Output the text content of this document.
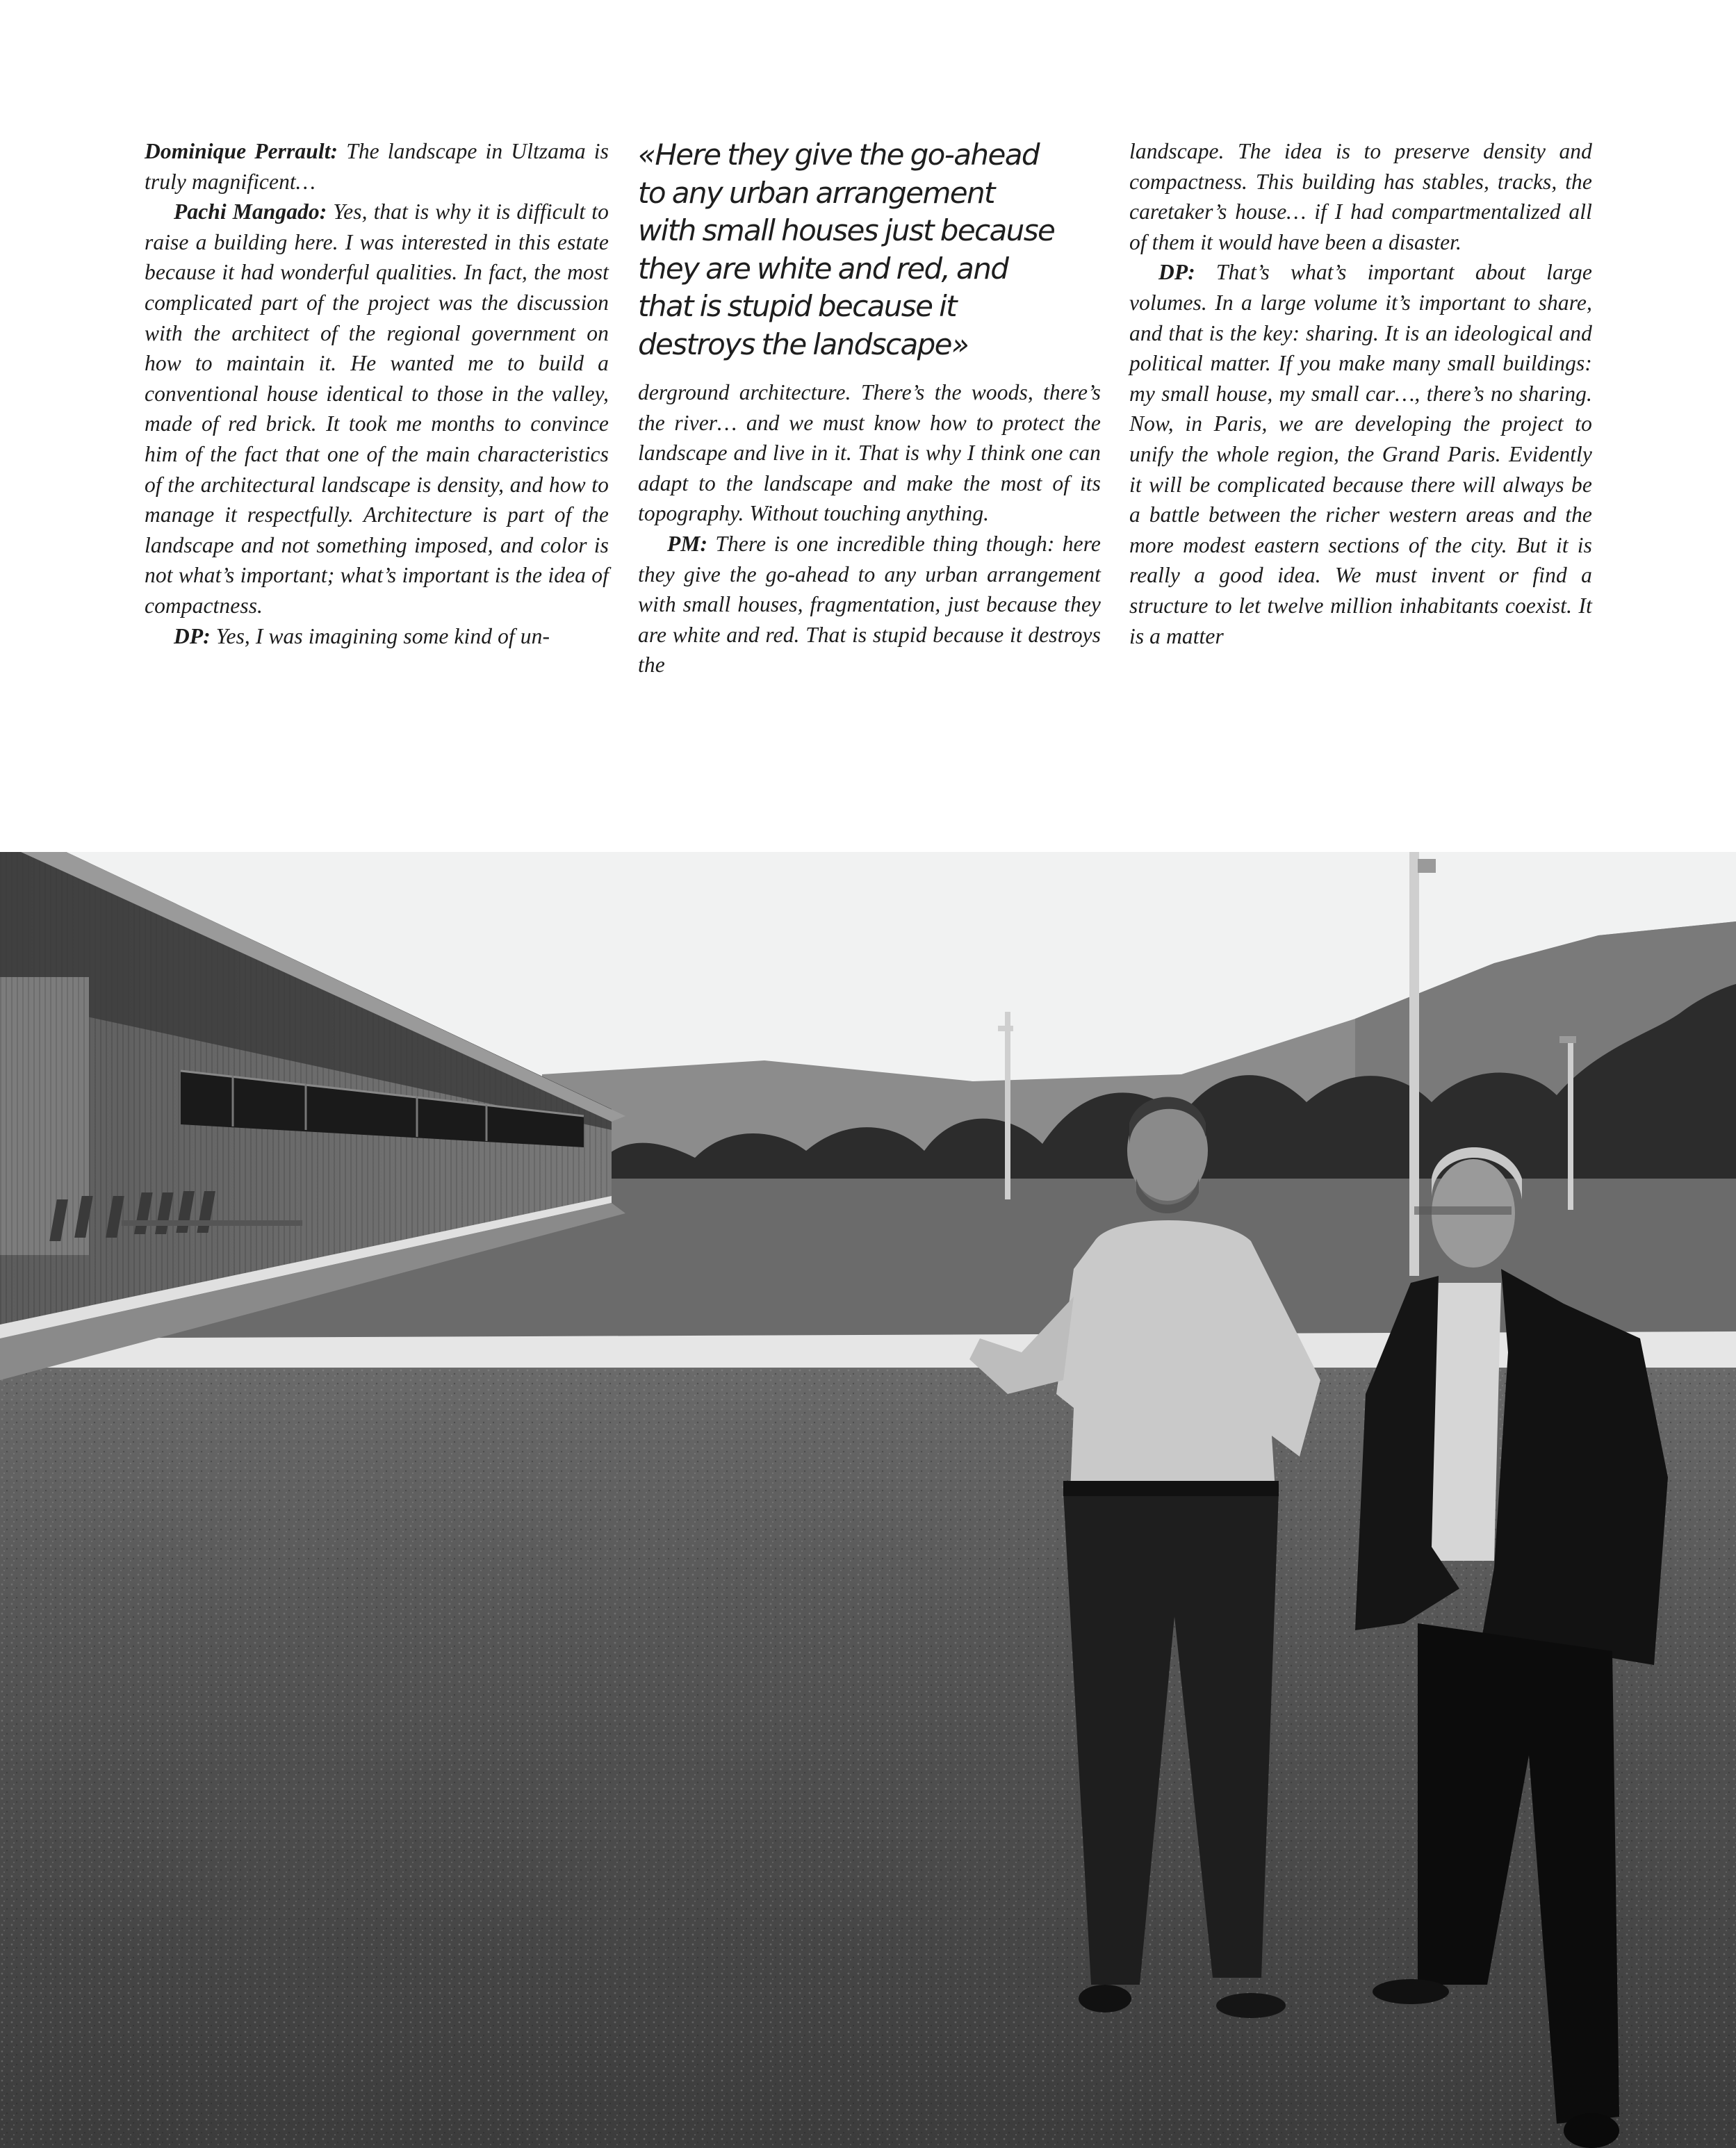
Dominique Perrault: The landscape in Ultzama is truly magnificent…

Pachi Mangado: Yes, that is why it is difficult to raise a building here. I was interested in this estate because it had wonderful qualities. In fact, the most complicated part of the project was the discussion with the architect of the regional government on how to maintain it. He wanted me to build a conventional house identical to those in the valley, made of red brick. It took me months to convince him of the fact that one of the main characteristics of the architectural landscape is density, and how to manage it respectfully. Architecture is part of the landscape and not something imposed, and color is not what’s important; what’s important is the idea of compactness.

DP: Yes, I was imagining some kind of un-

«Here they give the go-ahead
to any urban arrangement
with small houses just because
they are white and red, and
that is stupid because it
destroys the landscape»

derground architecture. There’s the woods, there’s the river… and we must know how to protect the landscape and live in it. That is why I think one can adapt to the landscape and make the most of its topography. Without touching anything.

PM: There is one incredible thing though: here they give the go-ahead to any urban arrangement with small houses, fragmentation, just because they are white and red. That is stupid because it destroys the

landscape. The idea is to preserve density and compactness. This building has stables, tracks, the caretaker’s house… if I had compartmentalized all of them it would have been a disaster.

DP: That’s what’s important about large volumes. In a large volume it’s important to share, and that is the key: sharing. It is an ideological and political matter. If you make many small buildings: my small house, my small car…, there’s no sharing. Now, in Paris, we are developing the project to unify the whole region, the Grand Paris. Evidently it will be complicated because there will always be a battle between the richer western areas and the more modest eastern sections of the city. But it is really a good idea. We must invent or find a structure to let twelve million inhabitants coexist. It is a matter
